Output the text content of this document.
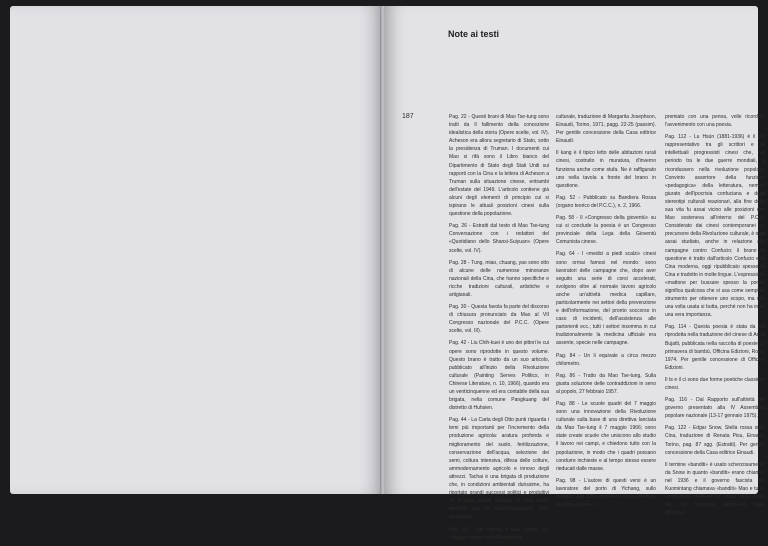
Note ai testi
187	Pag. 22 - Questi brani di Mao Tse-tung sono tratti da Il fallimento della concezione idealistica della storia (Opere scelte, vol. IV). Acheson era allora segretario di Stato, sotto la presidenza di Truman. I documenti cui Mao si rifà sono il Libro bianco del Dipartimento di Stato degli Stati Uniti sui rapporti con la Cina e la lettera di Acheson a Truman sulla situazione cinese, entrambi dell'estate del 1949. L'articolo contiene già alcuni degli elementi di principio cui si ispirano le attuali posizioni cinesi sulla questione della popolazione.

Pag. 26 - Estratti dal testo di Mao Tse-tung Conversazione con i redattori del «Quotidiano dello Shansi-Suiyuan» (Opere scelte, vol. IV).

Pag. 28 - Tung, miao, chuang, yao sono otto di alcune delle numerose minoranze nazionali della Cina, che hanno specifiche e ricche tradizioni culturali, artistiche e artigianali.

Pag. 30 - Questa favola fa parte del discorso di chiusura pronunciato da Mao al VII Congresso nazionale del P.C.C. (Opere scelte, vol. III).

Pag. 42 - Liu Chih-kuei è uno dei pittori le cui opere sono riprodotte in questo volume. Questo brano è tratto da un suo articolo, pubblicato all'inizio della Rivoluzione culturale (Painting Serves Politics, in Chinese Literature, n. 10, 1966), quando era un venticinquenne ed era contabile della sua brigata, nella comune Pangkuang del distretto di Huhsien.

Pag. 44 - La Carta degli Otto punti riguarda i temi più importanti per l'incremento della produzione agricola: aratura profonda e miglioramento del suolo, fertilizzazione, conservazione dell'acqua, selezione dei semi, coltura intensiva, difesa delle colture, ammodernamento agricolo e innovo degli attrezzi. Tachai è una brigata di produzione che, in condizioni ambientali durissime, ha riportato grandi successi politici e produttivi ed è stata perciò indicata da Mao come modello per la collettivizzazione nelle campagne.

Pag. 46 - Jan Myrdal e Gun Kessle, Un villaggio cinese nella Rivoluzione

culturale, traduzione di Margarita Josephson, Einaudi, Torino, 1971, pagg. 22-25 (passim). Per gentile concessione della Casa editrice Einaudi.

Il kang è il tipico letto delle abitazioni rurali cinesi, costruito in muratura, d'inverno funziona anche come stufa. Ne è raffigurato uno nella tavola a fronte del brano in questione.

Pag. 52 - Pubblicato su Bandiera Rossa (organo teorico del P.C.C.), n. 2, 1966.

Pag. 58 - Il «Congresso della gioventù» su cui si conclude la poesia è un Congresso provinciale della Lega della Gioventù Comunista cinese.

Pag. 64 - I «medici a piedi scalzi» cinesi sono ormai famosi nel mondo: sono lavoratori delle campagne che, dopo aver seguito una serie di corsi accelerati, svolgono oltre al normale lavoro agricolo anche un'attività medica capillare, particolarmente nei settori della prevenzione e dell'informazione, del pronto soccorso in caso di incidenti, dell'assistenza alle partorienti ecc.; tutti i settori insomma in cui tradizionalmente la medicina ufficiale era assente, specie nelle campagne.

Pag. 84 - Un li equivale a circa mezzo chilometro.

Pag. 86 - Tratto da Mao Tse-tung, Sulla giusta soluzione delle contraddizioni in seno al popolo, 27 febbraio 1957.

Pag. 88 - Le scuole quadri del 7 maggio sono una innovazione della Rivoluzione culturale sulla base di una direttiva lanciata da Mao Tse-tung il 7 maggio 1966; sono state create scuole che uniscono allo studio il lavoro nei campi, e chiedono tutto con la popolazione, in modo che i quadri possano condurre inchieste e al tempo stesso essere rieducati dalle masse.

Pag. 98 - L'autore di questi versi è un lavoratore del porto di Yichang, sullo Yangtze. Nel 1951, nominato «propagandista di prima classe» e

premiato con una penna, volle ricordare l'avvenimento con una poesia.

Pag. 112 - Lu Hsün (1881-1936) è il più rappresentativo tra gli scrittori e gli intellettuali progressisti cinesi che, nel periodo tra le due guerre mondiali, si ricondussero nella rivoluzione popolare. Convinto assertore della funzione «pedagogica» della letteratura, nemico giurato dell'ipocrisia confuciana e degli stereotipi culturali reazionari, alla fine della sua vita fu assai vicino alle posizioni che Mao sosteneva all'interno del P.C.C. Considerato dai cinesi contemporanei un precursore della Rivoluzione culturale, è oggi assai studiato, anche in relazione alla campagne contro Confucio; il brano in questione è tratto dall'articolo Confucio e la Cina moderna, oggi ripubblicato spesso in Cina e tradotto in molte lingue. L'espressione «mattone per bussare spesso la porta» significa qualcosa che si usa come semplice strumento per ottenere uno scopo, ma che una volta usata si butta, perché non ha in sé una vera importanza.

Pag. 114 - Questa poesia è stata da noi riprodotta nella traduzione del cinese di Anna Bujatti, pubblicata nella raccolta di poesie La primavera di bambù, Officina Edizioni, Roma 1974. Per gentile concessione di Officina Edizioni.

Il ts e il ci sono due forme poetiche classiche cinesi.

Pag. 116 - Dal Rapporto sull'attività del governo presentato alla IV Assemblea popolare nazionale (13-17 gennaio 1975).

Pag. 122 - Edgar Snow, Stella rossa sulla Cina, traduzione di Renata Pisu, Einaudi, Torino, pag. 87 sgg. (Estratti). Per gentile concessione della Casa editrice Einaudi.

Il termine «banditi» è usato scherzosamente da Snow in quanto «banditi» erano chiamati nel 1936 e il governo fascista del Kuomintang chiamava «banditi» Mao e tutti i combattenti dell'Esercito rosso, sulla testa dei capi comunisti pendevano taglie altissime.
